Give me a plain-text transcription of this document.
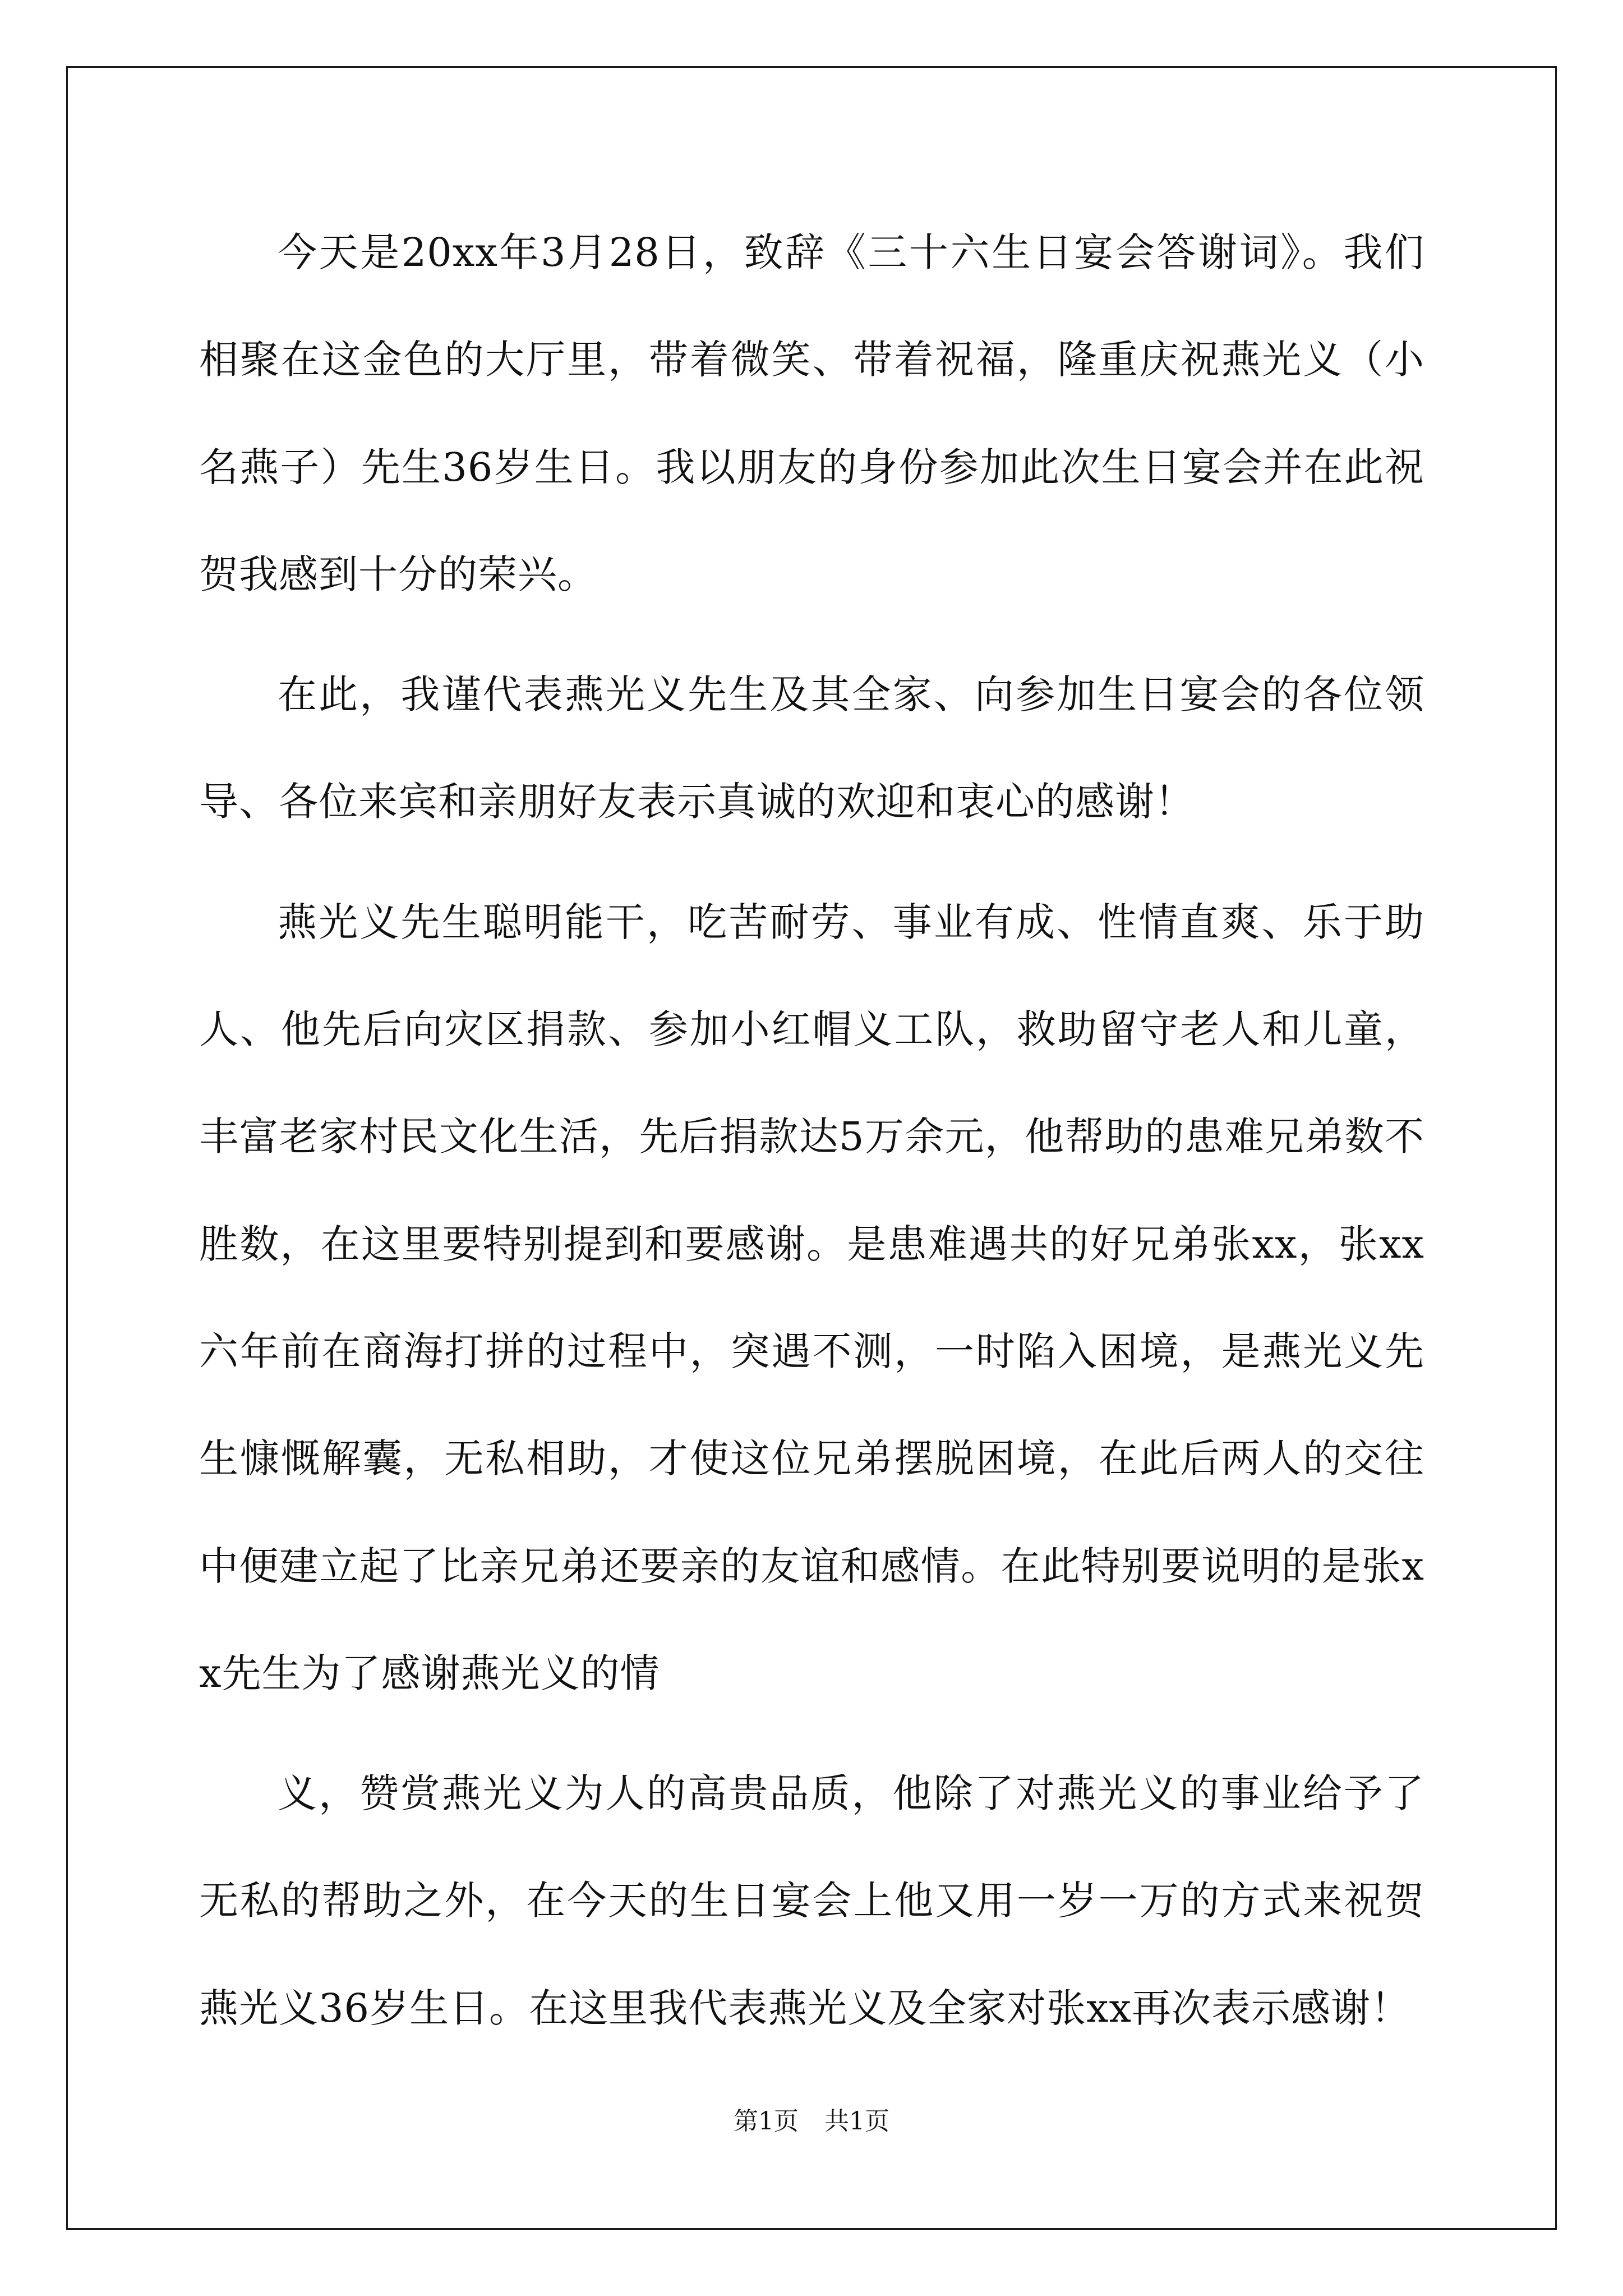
今天是20xx年3月28日，致辞《三十六生日宴会答谢词》。我们相聚在这金色的大厅里，带着微笑、带着祝福，隆重庆祝燕光义（小名燕子）先生36岁生日。我以朋友的身份参加此次生日宴会并在此祝贺我感到十分的荣兴。

在此，我谨代表燕光义先生及其全家、向参加生日宴会的各位领导、各位来宾和亲朋好友表示真诚的欢迎和衷心的感谢！

燕光义先生聪明能干，吃苦耐劳、事业有成、性情直爽、乐于助人、他先后向灾区捐款、参加小红帽义工队，救助留守老人和儿童，丰富老家村民文化生活，先后捐款达5万余元，他帮助的患难兄弟数不胜数，在这里要特别提到和要感谢。是患难遇共的好兄弟张xx，张xx六年前在商海打拼的过程中，突遇不测，一时陷入困境，是燕光义先生慷慨解囊，无私相助，才使这位兄弟摆脱困境，在此后两人的交往中便建立起了比亲兄弟还要亲的友谊和感情。在此特别要说明的是张xx先生为了感谢燕光义的情

义，赞赏燕光义为人的高贵品质，他除了对燕光义的事业给予了无私的帮助之外，在今天的生日宴会上他又用一岁一万的方式来祝贺燕光义36岁生日。在这里我代表燕光义及全家对张xx再次表示感谢！

第1页 共1页
